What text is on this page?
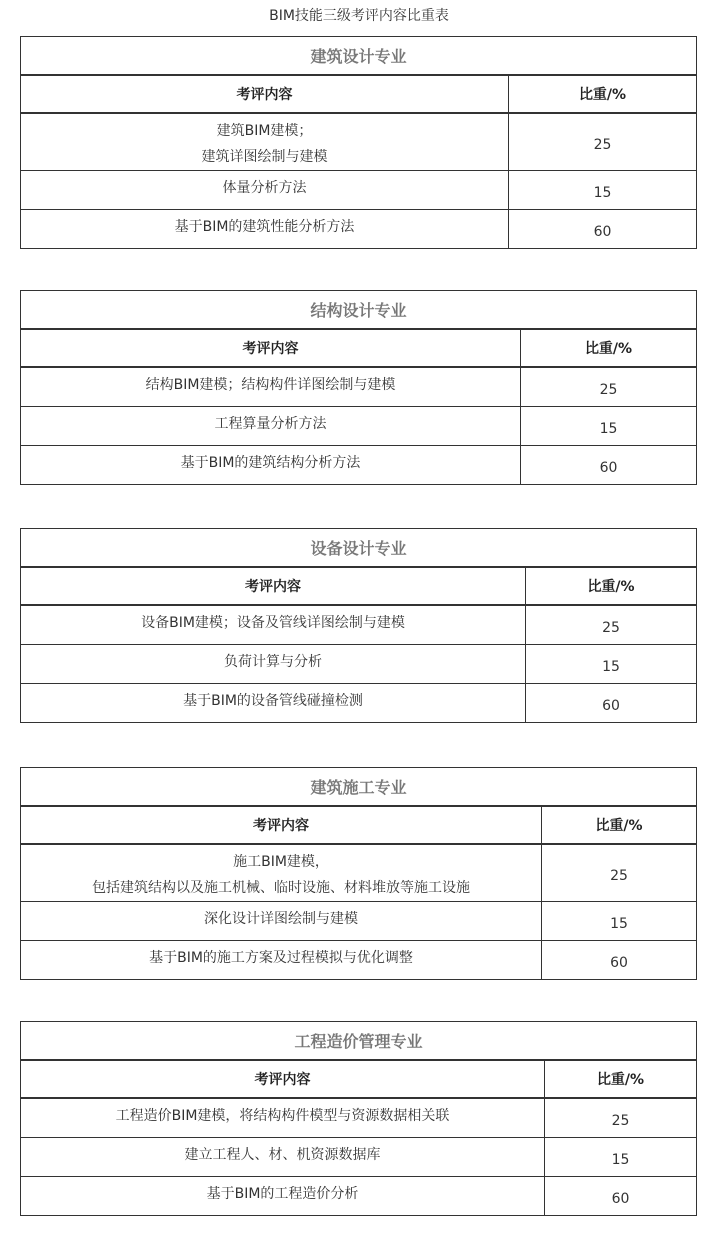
BIM技能三级考评内容比重表
建筑设计专业	
考评内容	比重/%

建筑BIM建模；
建筑详图绘制与建模	25

体量分析方法	15

基于BIM的建筑性能分析方法	60
结构设计专业	
考评内容	比重/%

结构BIM建模；结构构件详图绘制与建模	25

工程算量分析方法	15

基于BIM的建筑结构分析方法	60
设备设计专业	
考评内容	比重/%

设备BIM建模；设备及管线详图绘制与建模	25

负荷计算与分析	15

基于BIM的设备管线碰撞检测	60
建筑施工专业	
考评内容	比重/%

施工BIM建模，
包括建筑结构以及施工机械、临时设施、材料堆放等施工设施	25

深化设计详图绘制与建模	15

基于BIM的施工方案及过程模拟与优化调整	60
工程造价管理专业	
考评内容	比重/%

工程造价BIM建模，将结构构件模型与资源数据相关联	25

建立工程人、材、机资源数据库	15

基于BIM的工程造价分析	60
